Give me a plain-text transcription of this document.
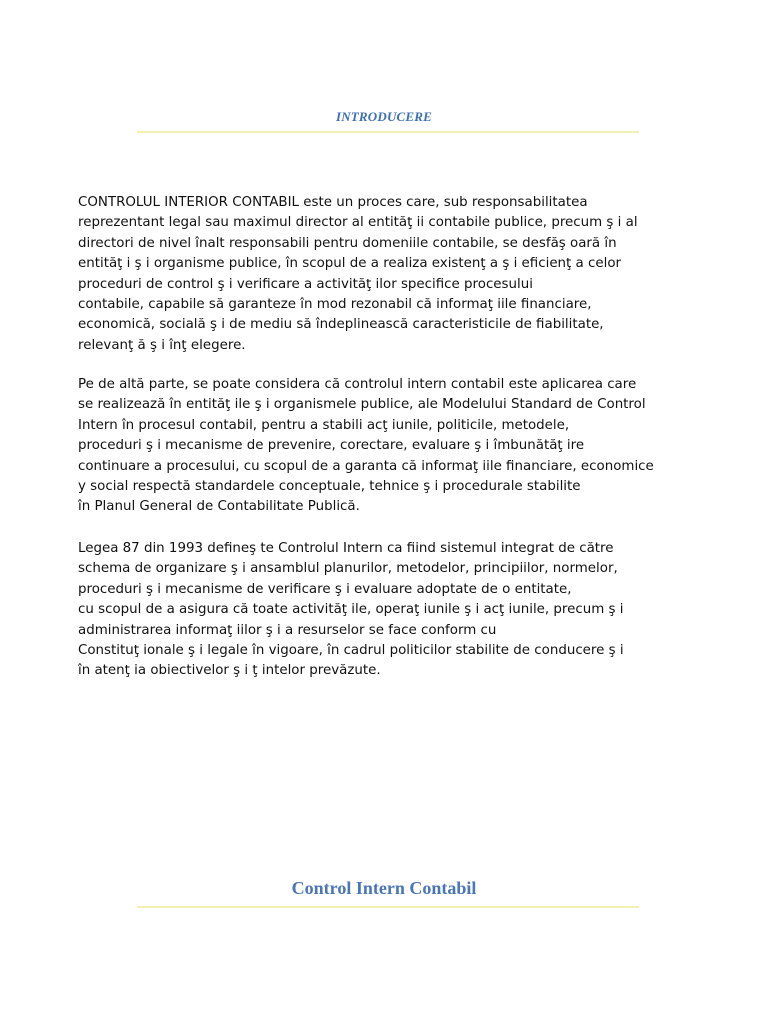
INTRODUCERE
CONTROLUL INTERIOR CONTABIL este un proces care, sub responsabilitatea
reprezentant legal sau maximul director al entităţ ii contabile publice, precum ş i al
directori de nivel înalt responsabili pentru domeniile contabile, se desfăş oară în
entităţ i ş i organisme publice, în scopul de a realiza existenţ a ş i eficienţ a celor
proceduri de control ş i verificare a activităţ ilor specifice procesului
contabile, capabile să garanteze în mod rezonabil că informaţ iile financiare,
economică, socială ş i de mediu să îndeplinească caracteristicile de fiabilitate,
relevanţ ă ş i înţ elegere.
Pe de altă parte, se poate considera că controlul intern contabil este aplicarea care
se realizează în entităţ ile ş i organismele publice, ale Modelului Standard de Control
Intern în procesul contabil, pentru a stabili acţ iunile, politicile, metodele,
proceduri ş i mecanisme de prevenire, corectare, evaluare ş i îmbunătăţ ire
continuare a procesului, cu scopul de a garanta că informaţ iile financiare, economice
y social respectă standardele conceptuale, tehnice ş i procedurale stabilite
în Planul General de Contabilitate Publică.
Legea 87 din 1993 defineş te Controlul Intern ca fiind sistemul integrat de către
schema de organizare ş i ansamblul planurilor, metodelor, principiilor, normelor,
proceduri ş i mecanisme de verificare ş i evaluare adoptate de o entitate,
cu scopul de a asigura că toate activităţ ile, operaţ iunile ş i acţ iunile, precum ş i
administrarea informaţ iilor ş i a resurselor se face conform cu
Constituţ ionale ş i legale în vigoare, în cadrul politicilor stabilite de conducere ş i
în atenţ ia obiectivelor ş i ţ intelor prevăzute.
Control Intern Contabil
